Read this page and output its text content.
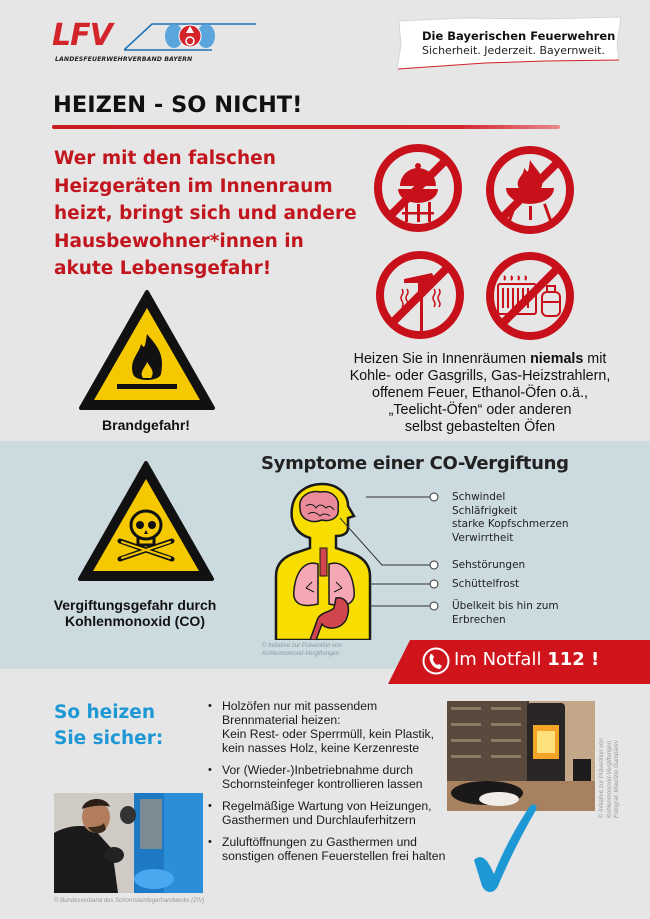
LFV
LANDESFEUERWEHRVERBAND BAYERN
Die Bayerischen Feuerwehren
Sicherheit. Jederzeit. Bayernweit.
HEIZEN - SO NICHT!
Wer mit den falschen
Heizgeräten im Innenraum
heizt, bringt sich und andere
Hausbewohner*innen in
akute Lebensgefahr!
Brandgefahr!
Heizen Sie in Innenräumen niemals mit
Kohle- oder Gasgrills, Gas-Heizstrahlern,
offenem Feuer, Ethanol-Öfen o.ä.,
„Teelicht-Öfen“ oder anderen
selbst gebastelten Öfen
Vergiftungsgefahr durch
Kohlenmonoxid (CO)
Symptome einer CO-Vergiftung
© Initiative zur Prävention von
Kohlenmonoxid-Vergiftungen
Schwindel
Schläfrigkeit
starke Kopfschmerzen
Verwirrtheit
Sehstörungen
Schüttelfrost
Übelkeit bis hin zum
Erbrechen
Im Notfall 112 !
So heizen
Sie sicher:
• Holzöfen nur mit passendem
Brennmaterial heizen:
Kein Rest- oder Sperrmüll, kein Plastik,
kein nasses Holz, keine Kerzenreste
• Vor (Wieder-)Inbetriebnahme durch
Schornsteinfeger kontrollieren lassen
• Regelmäßige Wartung von Heizungen,
Gasthermen und Durchlauferhitzern
• Zuluftöffnungen zu Gasthermen und
sonstigen offenen Feuerstellen frei halten
© Initiative zur Prävention von Kohlenmonoxid-Vergiftungen Fotograf: Maurizio Gambarini
© Bundesverband des Schornsteinfegerhandwerks (ZIV)
